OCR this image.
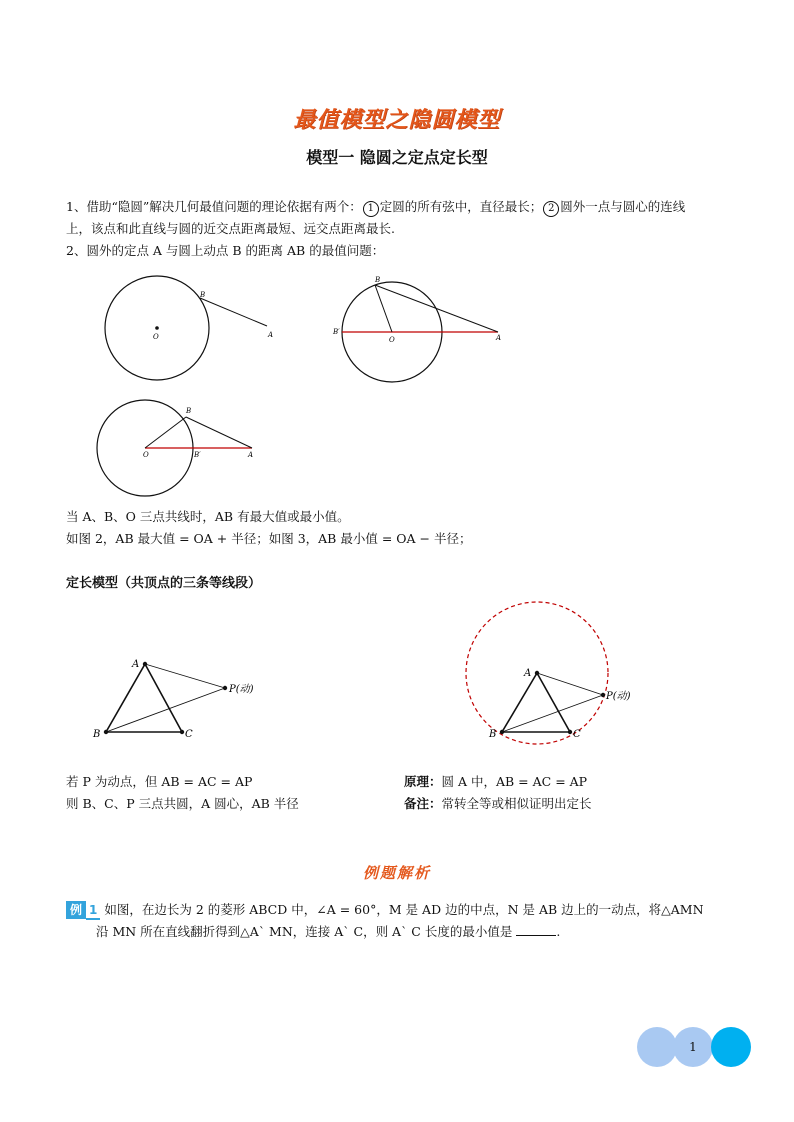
最值模型之隐圆模型
模型一 隐圆之定点定长型
1、借助“隐圆”解决几何最值问题的理论依据有两个： 1 定圆的所有弦中，直径最长； 2 圆外一点与圆心的连线
上，该点和此直线与圆的近交点距离最短、远交点距离最长.
2、圆外的定点 A 与圆上动点 B 的距离 AB 的最值问题：
O
B
A
B
B′
O	A
B
O	B′	A
当 A、B、O 三点共线时，AB 有最大值或最小值。
如图 2，AB 最大值 = OA + 半径；如图 3，AB 最小值 = OA − 半径；
定长模型（共顶点的三条等线段）
A
B	C
P(动)
A
B	C
P(动)
若 P 为动点，但 AB = AC = AP
则 B、C、P 三点共圆，A 圆心，AB 半径
原理：圆 A 中，AB = AC = AP
备注：常转全等或相似证明出定长
例题解析
例 1 如图，在边长为 2 的菱形 ABCD 中，∠A = 60°，M 是 AD 边的中点，N 是 AB 边上的一动点，将△AMN
沿 MN 所在直线翻折得到△A` MN，连接 A` C，则 A` C 长度的最小值是	.
1
